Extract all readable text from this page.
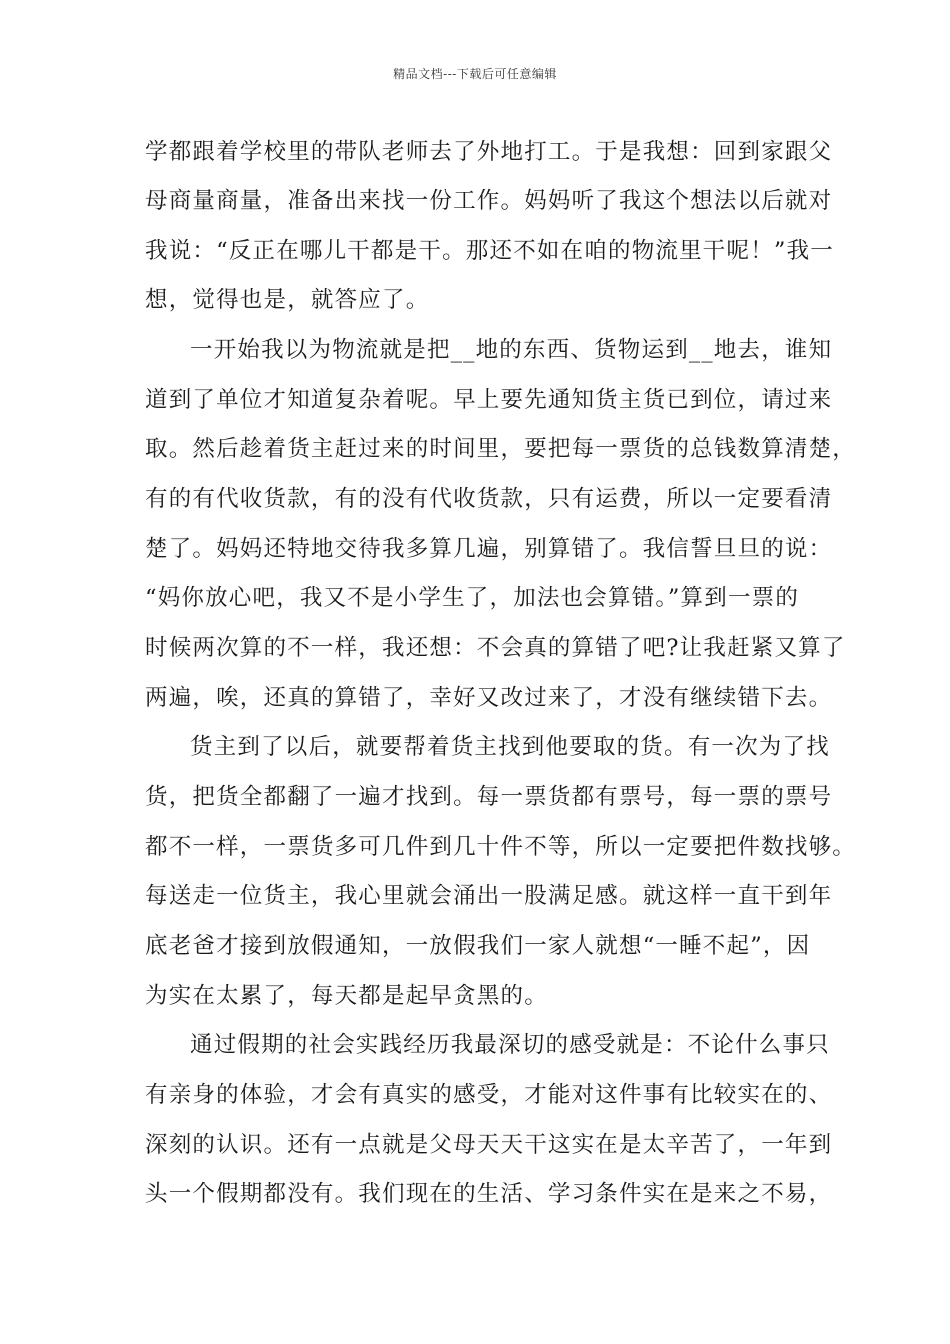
精品文档---下载后可任意编辑
学都跟着学校里的带队老师去了外地打工。于是我想：回到家跟父
母商量商量，准备出来找一份工作。妈妈听了我这个想法以后就对
我说：“反正在哪儿干都是干。那还不如在咱的物流里干呢！”我一
想，觉得也是，就答应了。
一开始我以为物流就是把__地的东西、货物运到__地去，谁知
道到了单位才知道复杂着呢。早上要先通知货主货已到位，请过来
取。然后趁着货主赶过来的时间里，要把每一票货的总钱数算清楚，
有的有代收货款，有的没有代收货款，只有运费，所以一定要看清
楚了。妈妈还特地交待我多算几遍，别算错了。我信誓旦旦的说：
“妈你放心吧，我又不是小学生了，加法也会算错。”算到一票的
时候两次算的不一样，我还想：不会真的算错了吧?让我赶紧又算了
两遍，唉，还真的算错了，幸好又改过来了，才没有继续错下去。
货主到了以后，就要帮着货主找到他要取的货。有一次为了找
货，把货全都翻了一遍才找到。每一票货都有票号，每一票的票号
都不一样，一票货多可几件到几十件不等，所以一定要把件数找够。
每送走一位货主，我心里就会涌出一股满足感。就这样一直干到年
底老爸才接到放假通知，一放假我们一家人就想“一睡不起”，因
为实在太累了，每天都是起早贪黑的。
通过假期的社会实践经历我最深切的感受就是：不论什么事只
有亲身的体验，才会有真实的感受，才能对这件事有比较实在的、
深刻的认识。还有一点就是父母天天干这实在是太辛苦了，一年到
头一个假期都没有。我们现在的生活、学习条件实在是来之不易，
